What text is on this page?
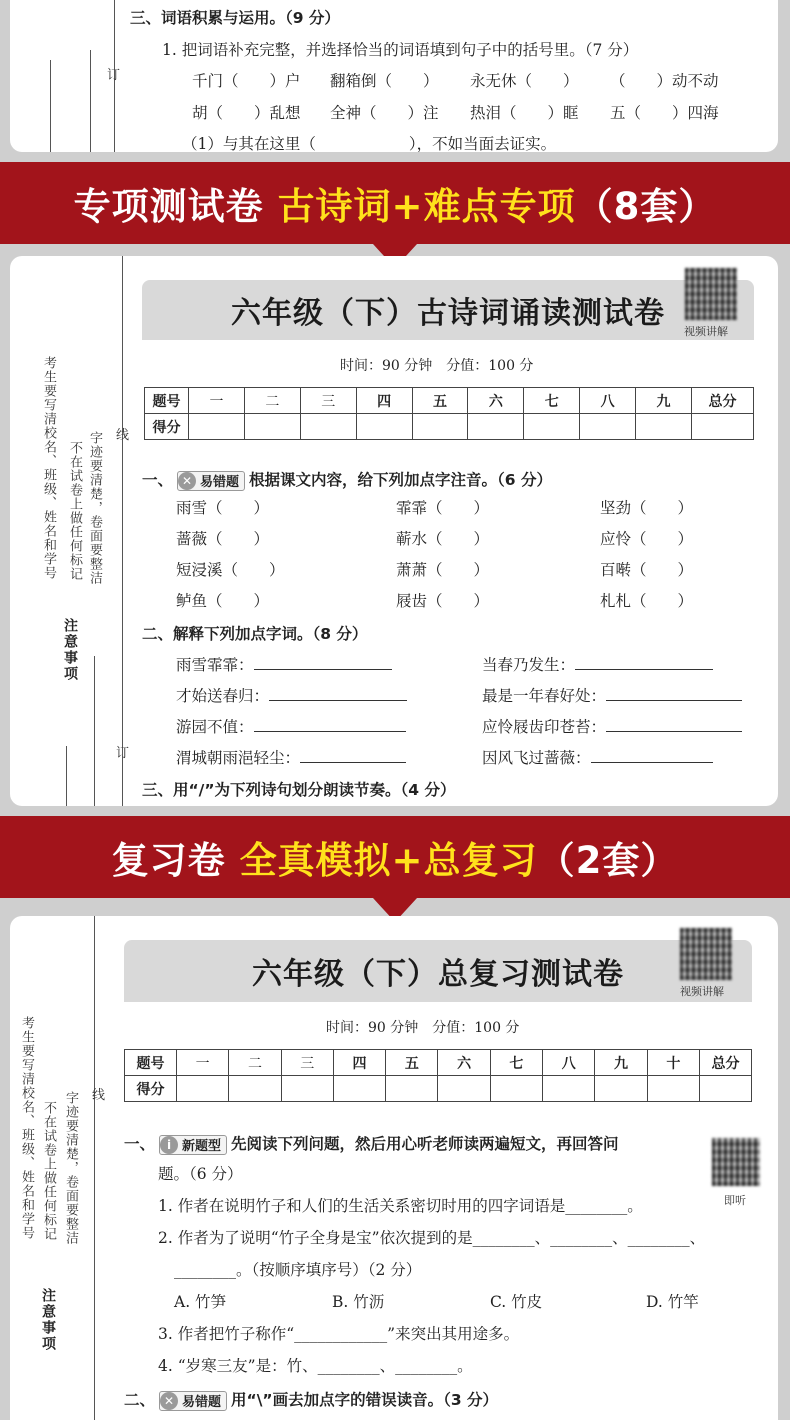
订
三、词语积累与运用。（9 分）
1. 把词语补充完整，并选择恰当的词语填到句子中的括号里。（7 分）
千门（　　）户 翻箱倒（　　） 永无休（　　） （　　）动不动
胡（　　）乱想 全神（　　）注 热泪（　　）眶 五（　　）四海
（1）与其在这里（　　　　　　），不如当面去证实。
专项测试卷 古诗词+难点专项（8套）
考生要写清校名、班级、姓名和学号 不在试卷上做任何标记 字迹要清楚，卷面要整洁
注意事项
线
订
六年级（下）古诗词诵读测试卷
视频讲解
时间：90 分钟　分值：100 分
题号	一	二	三	四	五	六	七	八	九	总分
得分										
一、 ✕ 易错题 根据课文内容，给下列加点字注音。（6 分）
雨雪（　　）	霏霏（　　）	坚劲（　　）
蔷薇（　　）	蕲水（　　）	应怜（　　）
短浸溪（　　）	萧萧（　　）	百啭（　　）
鲈鱼（　　）	屐齿（　　）	札札（　　）
二、解释下列加点字词。（8 分）
雨雪霏霏：	当春乃发生：
才始送春归：	最是一年春好处：
游园不值：	应怜屐齿印苍苔：
渭城朝雨浥轻尘：	因风飞过蔷薇：
三、用“/”为下列诗句划分朗读节奏。（4 分）
复习卷 全真模拟+总复习（2套）
考生要写清校名、班级、姓名和学号 不在试卷上做任何标记 字迹要清楚，卷面要整洁
注意事项
线
六年级（下）总复习测试卷	视频讲解
时间：90 分钟　分值：100 分
题号	一	二	三	四	五	六	七	八	九	十	总分
得分											
一、 i 新题型 先阅读下列问题，然后用心听老师读两遍短文，再回答问
题。（6 分）
即听
1. 作者在说明竹子和人们的生活关系密切时用的四字词语是________。
2. 作者为了说明“竹子全身是宝”依次提到的是________、________、________、
________。（按顺序填序号）（2 分）
A. 竹笋	B. 竹沥	C. 竹皮	D. 竹竿
3. 作者把竹子称作“____________”来突出其用途多。
4. “岁寒三友”是：竹、________、________。
二、 ✕ 易错题 用“\”画去加点字的错误读音。（3 分）
